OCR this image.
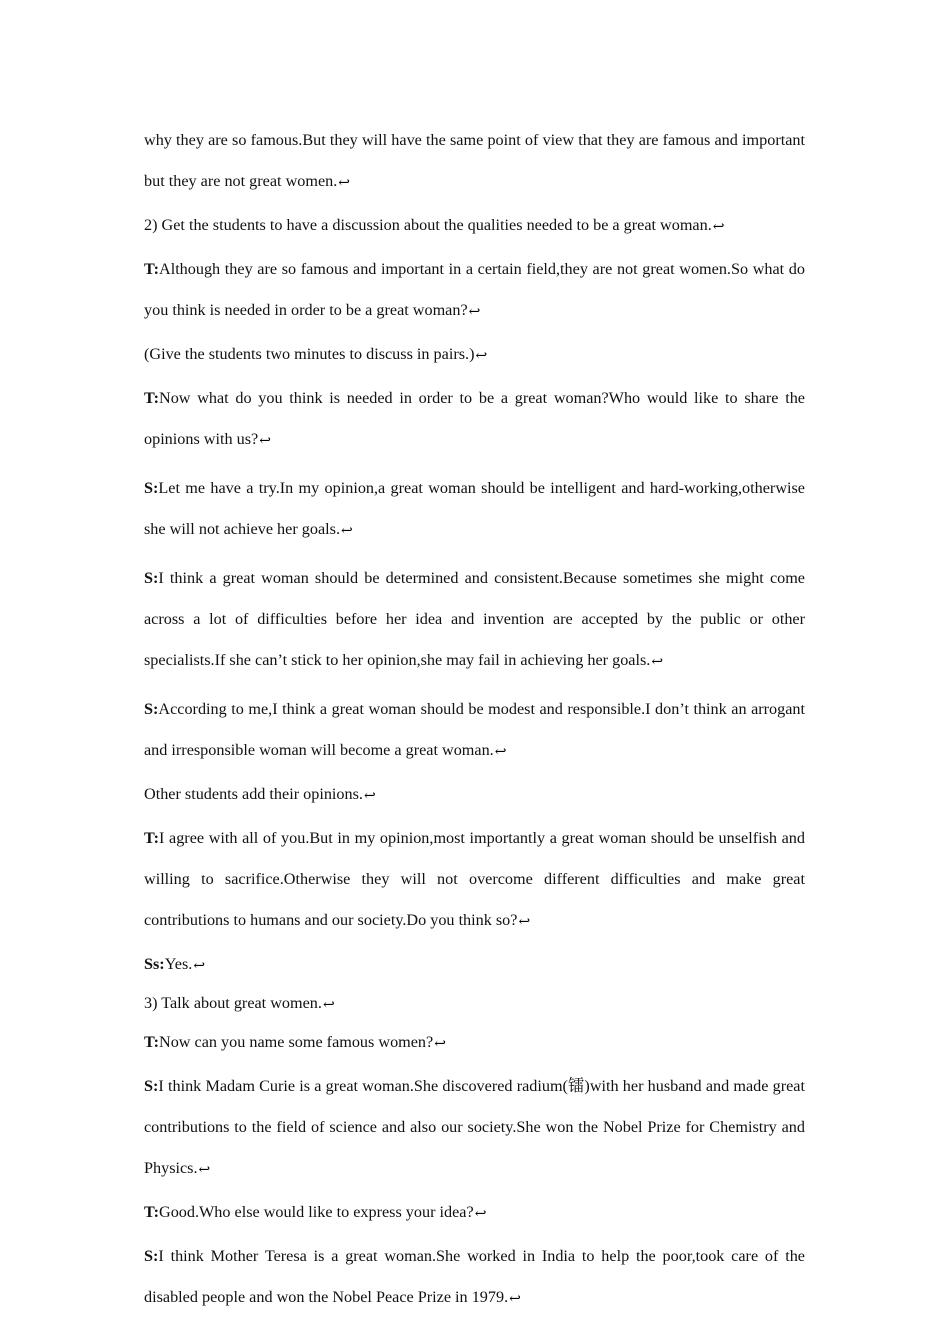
why they are so famous.But they will have the same point of view that they are famous and important but they are not great women.↩

2) Get the students to have a discussion about the qualities needed to be a great woman.↩

T:Although they are so famous and important in a certain field,they are not great women.So what do you think is needed in order to be a great woman?↩

(Give the students two minutes to discuss in pairs.)↩

T:Now what do you think is needed in order to be a great woman?Who would like to share the opinions with us?↩

S:Let me have a try.In my opinion,a great woman should be intelligent and hard-working,otherwise she will not achieve her goals.↩

S:I think a great woman should be determined and consistent.Because sometimes she might come across a lot of difficulties before her idea and invention are accepted by the public or other specialists.If she can’t stick to her opinion,she may fail in achieving her goals.↩

S:According to me,I think a great woman should be modest and responsible.I don’t think an arrogant and irresponsible woman will become a great woman.↩

Other students add their opinions.↩

T:I agree with all of you.But in my opinion,most importantly a great woman should be unselfish and willing to sacrifice.Otherwise they will not overcome different difficulties and make great contributions to humans and our society.Do you think so?↩

Ss:Yes.↩

3) Talk about great women.↩

T:Now can you name some famous women?↩

S:I think Madam Curie is a great woman.She discovered radium(镭)with her husband and made great contributions to the field of science and also our society.She won the Nobel Prize for Chemistry and Physics.↩

T:Good.Who else would like to express your idea?↩

S:I think Mother Teresa is a great woman.She worked in India to help the poor,took care of the disabled people and won the Nobel Peace Prize in 1979.↩
